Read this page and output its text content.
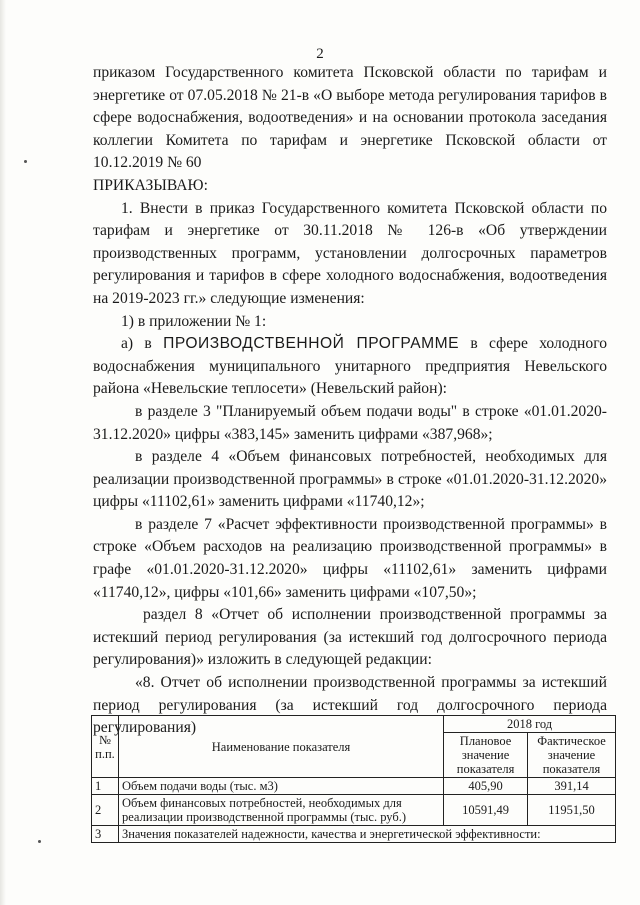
2

приказом Государственного комитета Псковской области по тарифам и энергетике от 07.05.2018 № 21-в «О выборе метода регулирования тарифов в сфере водоснабжения, водоотведения» и на основании протокола заседания коллегии Комитета по тарифам и энергетике Псковской области от 10.12.2019 № 60

ПРИКАЗЫВАЮ:

1. Внести в приказ Государственного комитета Псковской области по тарифам и энергетике от 30.11.2018 № 126-в «Об утверждении производственных программ, установлении долгосрочных параметров регулирования и тарифов в сфере холодного водоснабжения, водоотведения на 2019-2023 гг.» следующие изменения:

1) в приложении № 1:

а) в ПРОИЗВОДСТВЕННОЙ ПРОГРАММЕ в сфере холодного водоснабжения муниципального унитарного предприятия Невельского района «Невельские теплосети» (Невельский район):

в разделе 3 "Планируемый объем подачи воды" в строке «01.01.2020-31.12.2020» цифры «383,145» заменить цифрами «387,968»;

в разделе 4 «Объем финансовых потребностей, необходимых для реализации производственной программы» в строке «01.01.2020-31.12.2020» цифры «11102,61» заменить цифрами «11740,12»;

в разделе 7 «Расчет эффективности производственной программы» в строке «Объем расходов на реализацию производственной программы» в графе «01.01.2020-31.12.2020» цифры «11102,61» заменить цифрами «11740,12», цифры «101,66» заменить цифрами «107,50»;

раздел 8 «Отчет об исполнении производственной программы за истекший период регулирования (за истекший год долгосрочного периода регулирования)» изложить в следующей редакции:

«8. Отчет об исполнении производственной программы за истекший период регулирования (за истекший год долгосрочного периода регулирования)

№ п.п.	Наименование показателя	2018 год	
		Плановое значение показателя	Фактическое значение показателя
1	Объем подачи воды (тыс. м3)	405,90	391,14
2	Объем финансовых потребностей, необходимых для реализации производственной программы (тыс. руб.)	10591,49	11951,50
3	Значения показателей надежности, качества и энергетической эффективности:		
